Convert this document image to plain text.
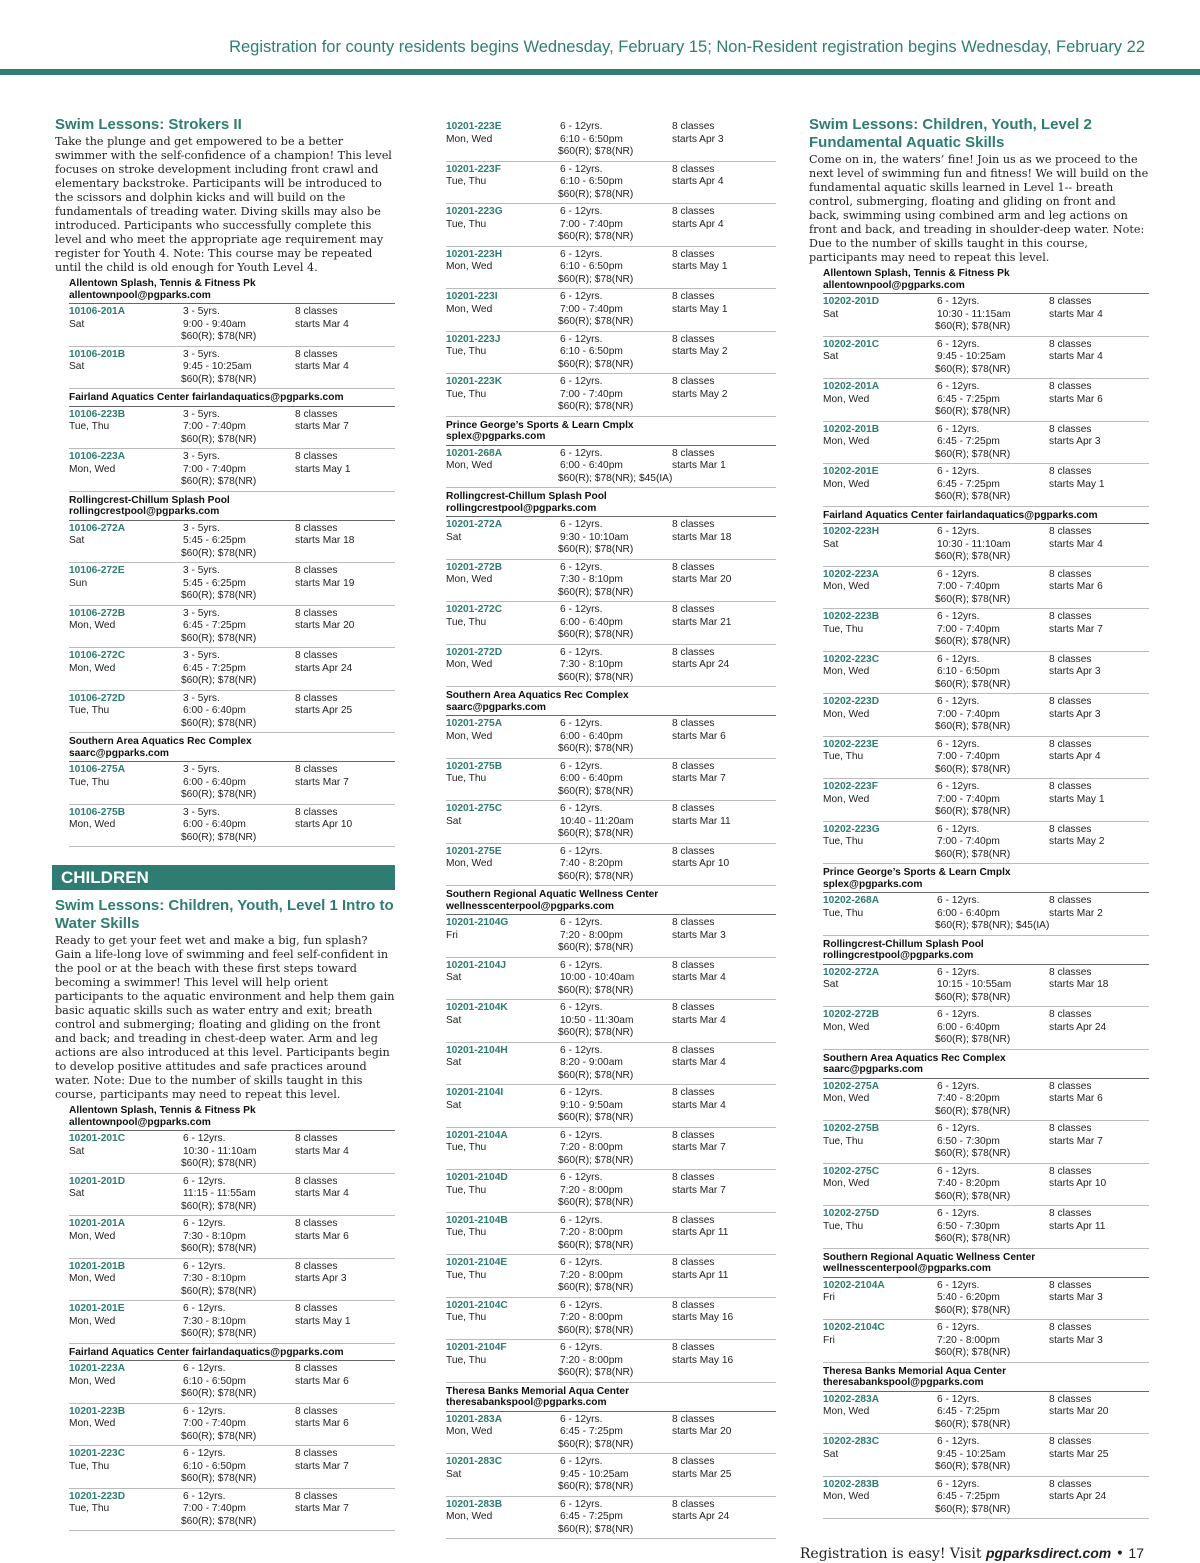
Registration for county residents begins Wednesday, February 15; Non-Resident registration begins Wednesday, February 22
Swim Lessons: Strokers II
Take the plunge and get empowered to be a better swimmer with the self-confidence of a champion! This level focuses on stroke development including front crawl and elementary backstroke. Participants will be introduced to the scissors and dolphin kicks and will build on the fundamentals of treading water. Diving skills may also be introduced. Participants who successfully complete this level and who meet the appropriate age requirement may register for Youth 4. Note: This course may be repeated until the child is old enough for Youth Level 4.
Allentown Splash, Tennis & Fitness Pk
allentownpool@pgparks.com
10106-201A
Sat
3 - 5yrs.
9:00 - 9:40am
$60(R); $78(NR)
8 classes
starts Mar 4
10106-201B
Sat
3 - 5yrs.
9:45 - 10:25am
$60(R); $78(NR)
8 classes
starts Mar 4
Fairland Aquatics Center fairlandaquatics@pgparks.com
10106-223B
Tue, Thu
3 - 5yrs.
7:00 - 7:40pm
$60(R); $78(NR)
8 classes
starts Mar 7
10106-223A
Mon, Wed
3 - 5yrs.
7:00 - 7:40pm
$60(R); $78(NR)
8 classes
starts May 1
Rollingcrest-Chillum Splash Pool
rollingcrestpool@pgparks.com
10106-272A
Sat
3 - 5yrs.
5:45 - 6:25pm
$60(R); $78(NR)
8 classes
starts Mar 18
10106-272E
Sun
3 - 5yrs.
5:45 - 6:25pm
$60(R); $78(NR)
8 classes
starts Mar 19
10106-272B
Mon, Wed
3 - 5yrs.
6:45 - 7:25pm
$60(R); $78(NR)
8 classes
starts Mar 20
10106-272C
Mon, Wed
3 - 5yrs.
6:45 - 7:25pm
$60(R); $78(NR)
8 classes
starts Apr 24
10106-272D
Tue, Thu
3 - 5yrs.
6:00 - 6:40pm
$60(R); $78(NR)
8 classes
starts Apr 25
Southern Area Aquatics Rec Complex
saarc@pgparks.com
10106-275A
Tue, Thu
3 - 5yrs.
6:00 - 6:40pm
$60(R); $78(NR)
8 classes
starts Mar 7
10106-275B
Mon, Wed
3 - 5yrs.
6:00 - 6:40pm
$60(R); $78(NR)
8 classes
starts Apr 10
CHILDREN
Swim Lessons: Children, Youth, Level 1 Intro to Water Skills
Ready to get your feet wet and make a big, fun splash? Gain a life-long love of swimming and feel self-confident in the pool or at the beach with these first steps toward becoming a swimmer! This level will help orient participants to the aquatic environment and help them gain basic aquatic skills such as water entry and exit; breath control and submerging; floating and gliding on the front and back; and treading in chest-deep water. Arm and leg actions are also introduced at this level. Participants begin to develop positive attitudes and safe practices around water. Note: Due to the number of skills taught in this course, participants may need to repeat this level.
Allentown Splash, Tennis & Fitness Pk
allentownpool@pgparks.com
10201-201C
Sat
6 - 12yrs.
10:30 - 11:10am
$60(R); $78(NR)
8 classes
starts Mar 4
10201-201D
Sat
6 - 12yrs.
11:15 - 11:55am
$60(R); $78(NR)
8 classes
starts Mar 4
10201-201A
Mon, Wed
6 - 12yrs.
7:30 - 8:10pm
$60(R); $78(NR)
8 classes
starts Mar 6
10201-201B
Mon, Wed
6 - 12yrs.
7:30 - 8:10pm
$60(R); $78(NR)
8 classes
starts Apr 3
10201-201E
Mon, Wed
6 - 12yrs.
7:30 - 8:10pm
$60(R); $78(NR)
8 classes
starts May 1
Fairland Aquatics Center fairlandaquatics@pgparks.com
10201-223A
Mon, Wed
6 - 12yrs.
6:10 - 6:50pm
$60(R); $78(NR)
8 classes
starts Mar 6
10201-223B
Mon, Wed
6 - 12yrs.
7:00 - 7:40pm
$60(R); $78(NR)
8 classes
starts Mar 6
10201-223C
Tue, Thu
6 - 12yrs.
6:10 - 6:50pm
$60(R); $78(NR)
8 classes
starts Mar 7
10201-223D
Tue, Thu
6 - 12yrs.
7:00 - 7:40pm
$60(R); $78(NR)
8 classes
starts Mar 7
10201-223E
Mon, Wed
6 - 12yrs.
6:10 - 6:50pm
$60(R); $78(NR)
8 classes
starts Apr 3
10201-223F
Tue, Thu
6 - 12yrs.
6:10 - 6:50pm
$60(R); $78(NR)
8 classes
starts Apr 4
10201-223G
Tue, Thu
6 - 12yrs.
7:00 - 7:40pm
$60(R); $78(NR)
8 classes
starts Apr 4
10201-223H
Mon, Wed
6 - 12yrs.
6:10 - 6:50pm
$60(R); $78(NR)
8 classes
starts May 1
10201-223I
Mon, Wed
6 - 12yrs.
7:00 - 7:40pm
$60(R); $78(NR)
8 classes
starts May 1
10201-223J
Tue, Thu
6 - 12yrs.
6:10 - 6:50pm
$60(R); $78(NR)
8 classes
starts May 2
10201-223K
Tue, Thu
6 - 12yrs.
7:00 - 7:40pm
$60(R); $78(NR)
8 classes
starts May 2
Prince George’s Sports & Learn Cmplx
splex@pgparks.com
10201-268A
Mon, Wed
6 - 12yrs.
6:00 - 6:40pm
$60(R); $78(NR); $45(IA)
8 classes
starts Mar 1
Rollingcrest-Chillum Splash Pool
rollingcrestpool@pgparks.com
10201-272A
Sat
6 - 12yrs.
9:30 - 10:10am
$60(R); $78(NR)
8 classes
starts Mar 18
10201-272B
Mon, Wed
6 - 12yrs.
7:30 - 8:10pm
$60(R); $78(NR)
8 classes
starts Mar 20
10201-272C
Tue, Thu
6 - 12yrs.
6:00 - 6:40pm
$60(R); $78(NR)
8 classes
starts Mar 21
10201-272D
Mon, Wed
6 - 12yrs.
7:30 - 8:10pm
$60(R); $78(NR)
8 classes
starts Apr 24
Southern Area Aquatics Rec Complex
saarc@pgparks.com
10201-275A
Mon, Wed
6 - 12yrs.
6:00 - 6:40pm
$60(R); $78(NR)
8 classes
starts Mar 6
10201-275B
Tue, Thu
6 - 12yrs.
6:00 - 6:40pm
$60(R); $78(NR)
8 classes
starts Mar 7
10201-275C
Sat
6 - 12yrs.
10:40 - 11:20am
$60(R); $78(NR)
8 classes
starts Mar 11
10201-275E
Mon, Wed
6 - 12yrs.
7:40 - 8:20pm
$60(R); $78(NR)
8 classes
starts Apr 10
Southern Regional Aquatic Wellness Center
wellnesscenterpool@pgparks.com
10201-2104G
Fri
6 - 12yrs.
7:20 - 8:00pm
$60(R); $78(NR)
8 classes
starts Mar 3
10201-2104J
Sat
6 - 12yrs.
10:00 - 10:40am
$60(R); $78(NR)
8 classes
starts Mar 4
10201-2104K
Sat
6 - 12yrs.
10:50 - 11:30am
$60(R); $78(NR)
8 classes
starts Mar 4
10201-2104H
Sat
6 - 12yrs.
8:20 - 9:00am
$60(R); $78(NR)
8 classes
starts Mar 4
10201-2104I
Sat
6 - 12yrs.
9:10 - 9:50am
$60(R); $78(NR)
8 classes
starts Mar 4
10201-2104A
Tue, Thu
6 - 12yrs.
7:20 - 8:00pm
$60(R); $78(NR)
8 classes
starts Mar 7
10201-2104D
Tue, Thu
6 - 12yrs.
7:20 - 8:00pm
$60(R); $78(NR)
8 classes
starts Mar 7
10201-2104B
Tue, Thu
6 - 12yrs.
7:20 - 8:00pm
$60(R); $78(NR)
8 classes
starts Apr 11
10201-2104E
Tue, Thu
6 - 12yrs.
7:20 - 8:00pm
$60(R); $78(NR)
8 classes
starts Apr 11
10201-2104C
Tue, Thu
6 - 12yrs.
7:20 - 8:00pm
$60(R); $78(NR)
8 classes
starts May 16
10201-2104F
Tue, Thu
6 - 12yrs.
7:20 - 8:00pm
$60(R); $78(NR)
8 classes
starts May 16
Theresa Banks Memorial Aqua Center
theresabankspool@pgparks.com
10201-283A
Mon, Wed
6 - 12yrs.
6:45 - 7:25pm
$60(R); $78(NR)
8 classes
starts Mar 20
10201-283C
Sat
6 - 12yrs.
9:45 - 10:25am
$60(R); $78(NR)
8 classes
starts Mar 25
10201-283B
Mon, Wed
6 - 12yrs.
6:45 - 7:25pm
$60(R); $78(NR)
8 classes
starts Apr 24
Swim Lessons: Children, Youth, Level 2 Fundamental Aquatic Skills
Come on in, the waters’ fine! Join us as we proceed to the next level of swimming fun and fitness! We will build on the fundamental aquatic skills learned in Level 1-- breath control, submerging, floating and gliding on front and back, swimming using combined arm and leg actions on front and back, and treading in shoulder-deep water. Note: Due to the number of skills taught in this course, participants may need to repeat this level.
Allentown Splash, Tennis & Fitness Pk
allentownpool@pgparks.com
10202-201D
Sat
6 - 12yrs.
10:30 - 11:15am
$60(R); $78(NR)
8 classes
starts Mar 4
10202-201C
Sat
6 - 12yrs.
9:45 - 10:25am
$60(R); $78(NR)
8 classes
starts Mar 4
10202-201A
Mon, Wed
6 - 12yrs.
6:45 - 7:25pm
$60(R); $78(NR)
8 classes
starts Mar 6
10202-201B
Mon, Wed
6 - 12yrs.
6:45 - 7:25pm
$60(R); $78(NR)
8 classes
starts Apr 3
10202-201E
Mon, Wed
6 - 12yrs.
6:45 - 7:25pm
$60(R); $78(NR)
8 classes
starts May 1
Fairland Aquatics Center fairlandaquatics@pgparks.com
10202-223H
Sat
6 - 12yrs.
10:30 - 11:10am
$60(R); $78(NR)
8 classes
starts Mar 4
10202-223A
Mon, Wed
6 - 12yrs.
7:00 - 7:40pm
$60(R); $78(NR)
8 classes
starts Mar 6
10202-223B
Tue, Thu
6 - 12yrs.
7:00 - 7:40pm
$60(R); $78(NR)
8 classes
starts Mar 7
10202-223C
Mon, Wed
6 - 12yrs.
6:10 - 6:50pm
$60(R); $78(NR)
8 classes
starts Apr 3
10202-223D
Mon, Wed
6 - 12yrs.
7:00 - 7:40pm
$60(R); $78(NR)
8 classes
starts Apr 3
10202-223E
Tue, Thu
6 - 12yrs.
7:00 - 7:40pm
$60(R); $78(NR)
8 classes
starts Apr 4
10202-223F
Mon, Wed
6 - 12yrs.
7:00 - 7:40pm
$60(R); $78(NR)
8 classes
starts May 1
10202-223G
Tue, Thu
6 - 12yrs.
7:00 - 7:40pm
$60(R); $78(NR)
8 classes
starts May 2
Prince George’s Sports & Learn Cmplx
splex@pgparks.com
10202-268A
Tue, Thu
6 - 12yrs.
6:00 - 6:40pm
$60(R); $78(NR); $45(IA)
8 classes
starts Mar 2
Rollingcrest-Chillum Splash Pool
rollingcrestpool@pgparks.com
10202-272A
Sat
6 - 12yrs.
10:15 - 10:55am
$60(R); $78(NR)
8 classes
starts Mar 18
10202-272B
Mon, Wed
6 - 12yrs.
6:00 - 6:40pm
$60(R); $78(NR)
8 classes
starts Apr 24
Southern Area Aquatics Rec Complex
saarc@pgparks.com
10202-275A
Mon, Wed
6 - 12yrs.
7:40 - 8:20pm
$60(R); $78(NR)
8 classes
starts Mar 6
10202-275B
Tue, Thu
6 - 12yrs.
6:50 - 7:30pm
$60(R); $78(NR)
8 classes
starts Mar 7
10202-275C
Mon, Wed
6 - 12yrs.
7:40 - 8:20pm
$60(R); $78(NR)
8 classes
starts Apr 10
10202-275D
Tue, Thu
6 - 12yrs.
6:50 - 7:30pm
$60(R); $78(NR)
8 classes
starts Apr 11
Southern Regional Aquatic Wellness Center
wellnesscenterpool@pgparks.com
10202-2104A
Fri
6 - 12yrs.
5:40 - 6:20pm
$60(R); $78(NR)
8 classes
starts Mar 3
10202-2104C
Fri
6 - 12yrs.
7:20 - 8:00pm
$60(R); $78(NR)
8 classes
starts Mar 3
Theresa Banks Memorial Aqua Center
theresabankspool@pgparks.com
10202-283A
Mon, Wed
6 - 12yrs.
6:45 - 7:25pm
$60(R); $78(NR)
8 classes
starts Mar 20
10202-283C
Sat
6 - 12yrs.
9:45 - 10:25am
$60(R); $78(NR)
8 classes
starts Mar 25
10202-283B
Mon, Wed
6 - 12yrs.
6:45 - 7:25pm
$60(R); $78(NR)
8 classes
starts Apr 24
Registration is easy! Visit pgparksdirect.com • 17
